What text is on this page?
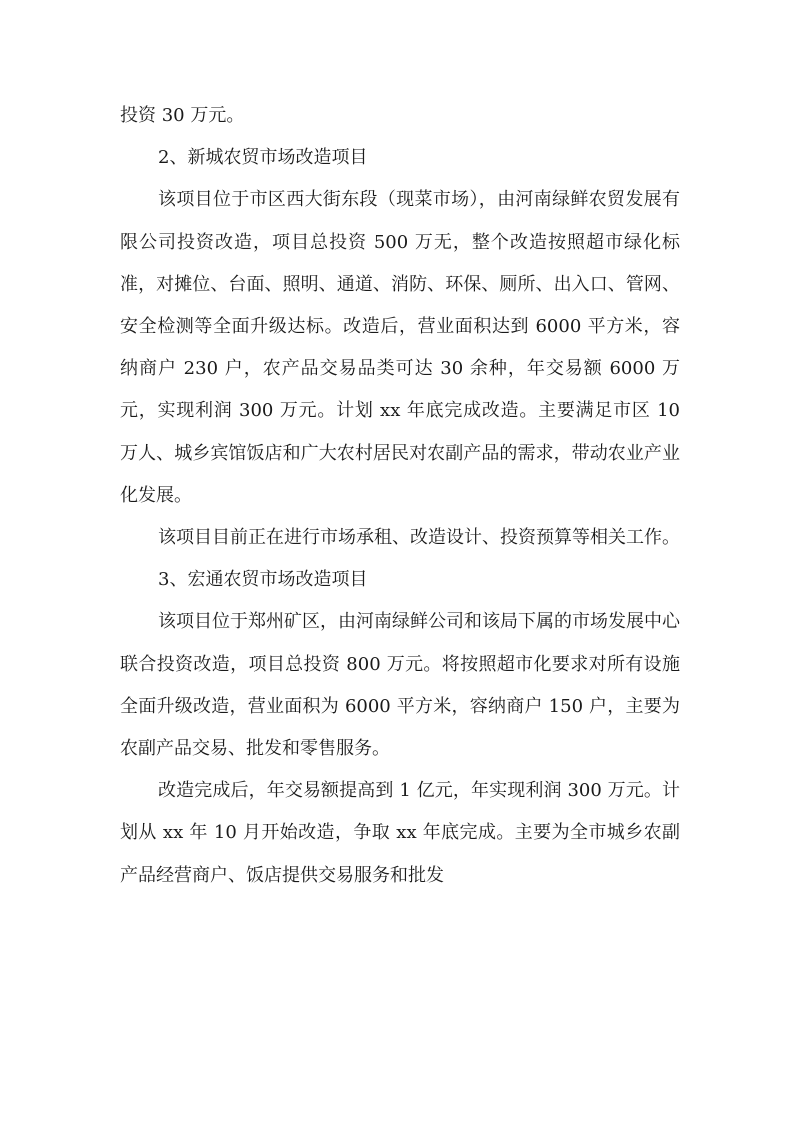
投资 30 万元。

2、新城农贸市场改造项目

该项目位于市区西大街东段（现菜市场），由河南绿鲜农贸发展有限公司投资改造，项目总投资 500 万无，整个改造按照超市绿化标准，对摊位、台面、照明、通道、消防、环保、厕所、出入口、管网、安全检测等全面升级达标。改造后，营业面积达到 6000 平方米，容纳商户 230 户，农产品交易品类可达 30 余种，年交易额 6000 万元，实现利润 300 万元。计划 xx 年底完成改造。主要满足市区 10 万人、城乡宾馆饭店和广大农村居民对农副产品的需求，带动农业产业化发展。

该项目目前正在进行市场承租、改造设计、投资预算等相关工作。

3、宏通农贸市场改造项目

该项目位于郑州矿区，由河南绿鲜公司和该局下属的市场发展中心联合投资改造，项目总投资 800 万元。将按照超市化要求对所有设施全面升级改造，营业面积为 6000 平方米，容纳商户 150 户，主要为农副产品交易、批发和零售服务。

改造完成后，年交易额提高到 1 亿元，年实现利润 300 万元。计划从 xx 年 10 月开始改造，争取 xx 年底完成。主要为全市城乡农副产品经营商户、饭店提供交易服务和批发
